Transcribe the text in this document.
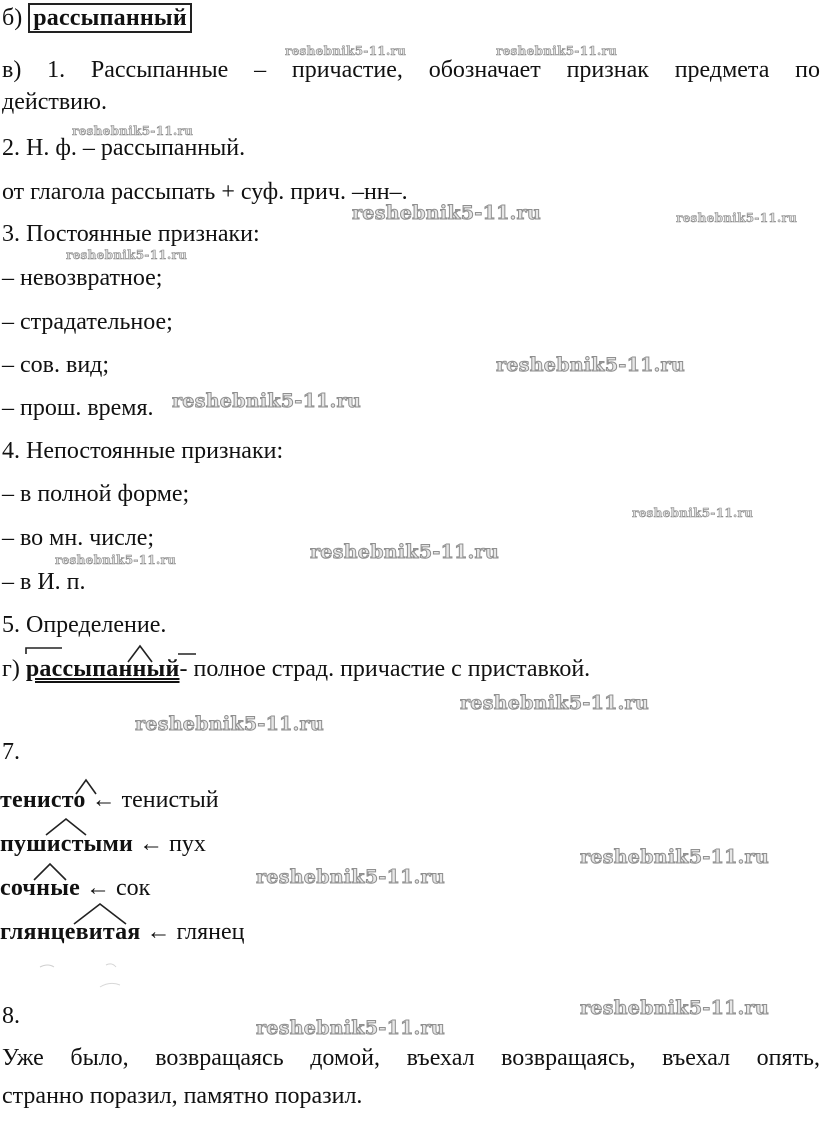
б) рассыпанный
в) 1. Рассыпанные – причастие, обозначает признак предмета по
действию.
2. Н. ф. – рассыпанный.
от глагола рассыпать + суф. прич. –нн–.
3. Постоянные признаки:
– невозвратное;
– страдательное;
– сов. вид;
– прош. время.
4. Непостоянные признаки:
– в полной форме;
– во мн. числе;
– в И. п.
5. Определение.
г) рассыпанный- полное страд. причастие с приставкой.
7.
тенисто ← тенистый
пушистыми ← пух
сочные ← сок
глянцевитая ← глянец
8.
Уже было, возвращаясь домой, въехал возвращаясь, въехал опять,
странно поразил, памятно поразил.
reshebnik5-11.ru	reshebnik5-11.ru
reshebnik5-11.ru
reshebnik5-11.ru	reshebnik5-11.ru
reshebnik5-11.ru
reshebnik5-11.ru
reshebnik5-11.ru
reshebnik5-11.ru
reshebnik5-11.ru
reshebnik5-11.ru
reshebnik5-11.ru
reshebnik5-11.ru
reshebnik5-11.ru
reshebnik5-11.ru
reshebnik5-11.ru
reshebnik5-11.ru
